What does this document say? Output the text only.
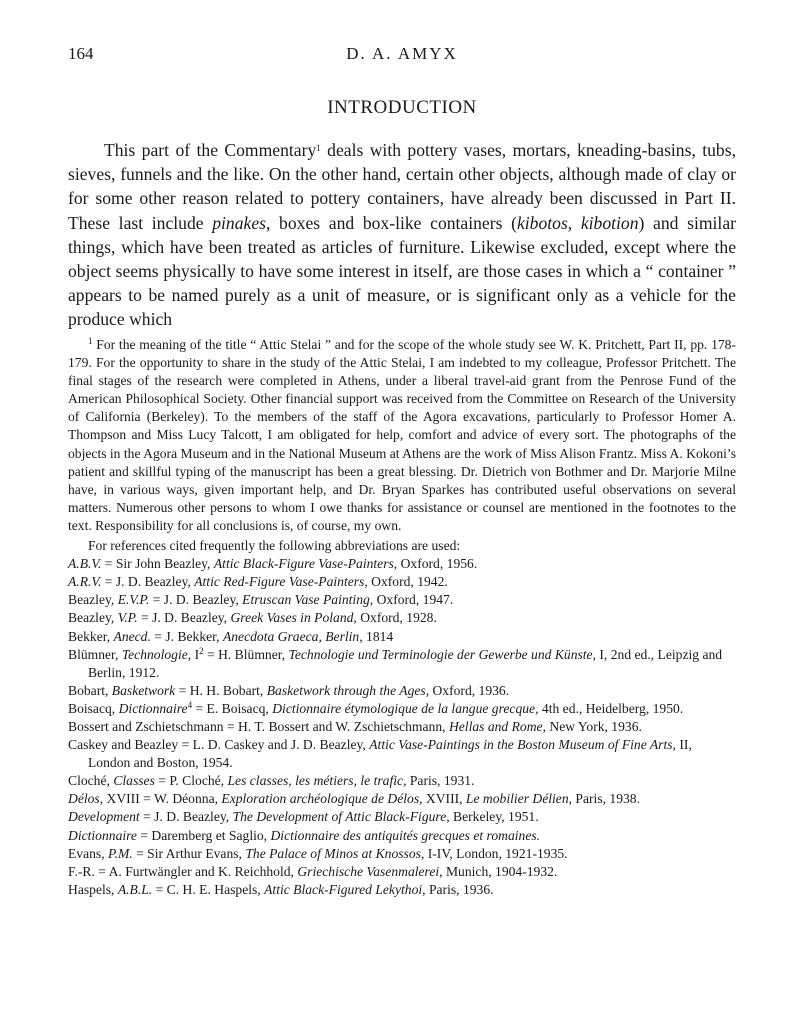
164	D. A. AMYX
INTRODUCTION

This part of the Commentary$^1$ deals with pottery vases, mortars, kneading-basins, tubs, sieves, funnels and the like. On the other hand, certain other objects, although made of clay or for some other reason related to pottery containers, have already been discussed in Part II. These last include pinakes, boxes and box-like containers (kibotos, kibotion) and similar things, which have been treated as articles of furniture. Likewise excluded, except where the object seems physically to have some interest in itself, are those cases in which a “ container ” appears to be named purely as a unit of measure, or is significant only as a vehicle for the produce which

$^1$ For the meaning of the title “ Attic Stelai ” and for the scope of the whole study see W. K. Pritchett, Part II, pp. 178-179. For the opportunity to share in the study of the Attic Stelai, I am indebted to my colleague, Professor Pritchett. The final stages of the research were completed in Athens, under a liberal travel-aid grant from the Penrose Fund of the American Philosophical Society. Other financial support was received from the Committee on Research of the University of California (Berkeley). To the members of the staff of the Agora excavations, particularly to Professor Homer A. Thompson and Miss Lucy Talcott, I am obligated for help, comfort and advice of every sort. The photographs of the objects in the Agora Museum and in the National Museum at Athens are the work of Miss Alison Frantz. Miss A. Kokoni’s patient and skillful typing of the manuscript has been a great blessing. Dr. Dietrich von Bothmer and Dr. Marjorie Milne have, in various ways, given important help, and Dr. Bryan Sparkes has contributed useful observations on several matters. Numerous other persons to whom I owe thanks for assistance or counsel are mentioned in the footnotes to the text. Responsibility for all conclusions is, of course, my own.

For references cited frequently the following abbreviations are used:

A.B.V. = Sir John Beazley, Attic Black-Figure Vase-Painters, Oxford, 1956.

A.R.V. = J. D. Beazley, Attic Red-Figure Vase-Painters, Oxford, 1942.

Beazley, E.V.P. = J. D. Beazley, Etruscan Vase Painting, Oxford, 1947.

Beazley, V.P. = J. D. Beazley, Greek Vases in Poland, Oxford, 1928.

Bekker, Anecd. = J. Bekker, Anecdota Graeca, Berlin, 1814

Blümner, Technologie, $I^2 = H$. Blümner, Technologie und Terminologie der Gewerbe und Künste, I, 2nd ed., Leipzig and Berlin, 1912.

Bobart, Basketwork = H. H. Bobart, Basketwork through the Ages, Oxford, 1936.

Boisacq, Dictionnaire$^4$ = E. Boisacq, Dictionnaire étymologique de la langue grecque, 4th ed., Heidelberg, 1950.

Bossert and Zschietschmann = H. T. Bossert and W. Zschietschmann, Hellas and Rome, New York, 1936.

Caskey and Beazley = L. D. Caskey and J. D. Beazley, Attic Vase-Paintings in the Boston Museum of Fine Arts, II, London and Boston, 1954.

Cloché, Classes = P. Cloché, Les classes, les métiers, le trafic, Paris, 1931.

Délos, XVIII = W. Déonna, Exploration archéologique de Délos, XVIII, Le mobilier Délien, Paris, 1938.

Development = J. D. Beazley, The Development of Attic Black-Figure, Berkeley, 1951.

Dictionnaire = Daremberg et Saglio, Dictionnaire des antiquités grecques et romaines.

Evans, P.M. = Sir Arthur Evans, The Palace of Minos at Knossos, I-IV, London, 1921-1935.

F.-R. = A. Furtwängler and K. Reichhold, Griechische Vasenmalerei, Munich, 1904-1932.

Haspels, A.B.L. = C. H. E. Haspels, Attic Black-Figured Lekythoi, Paris, 1936.
